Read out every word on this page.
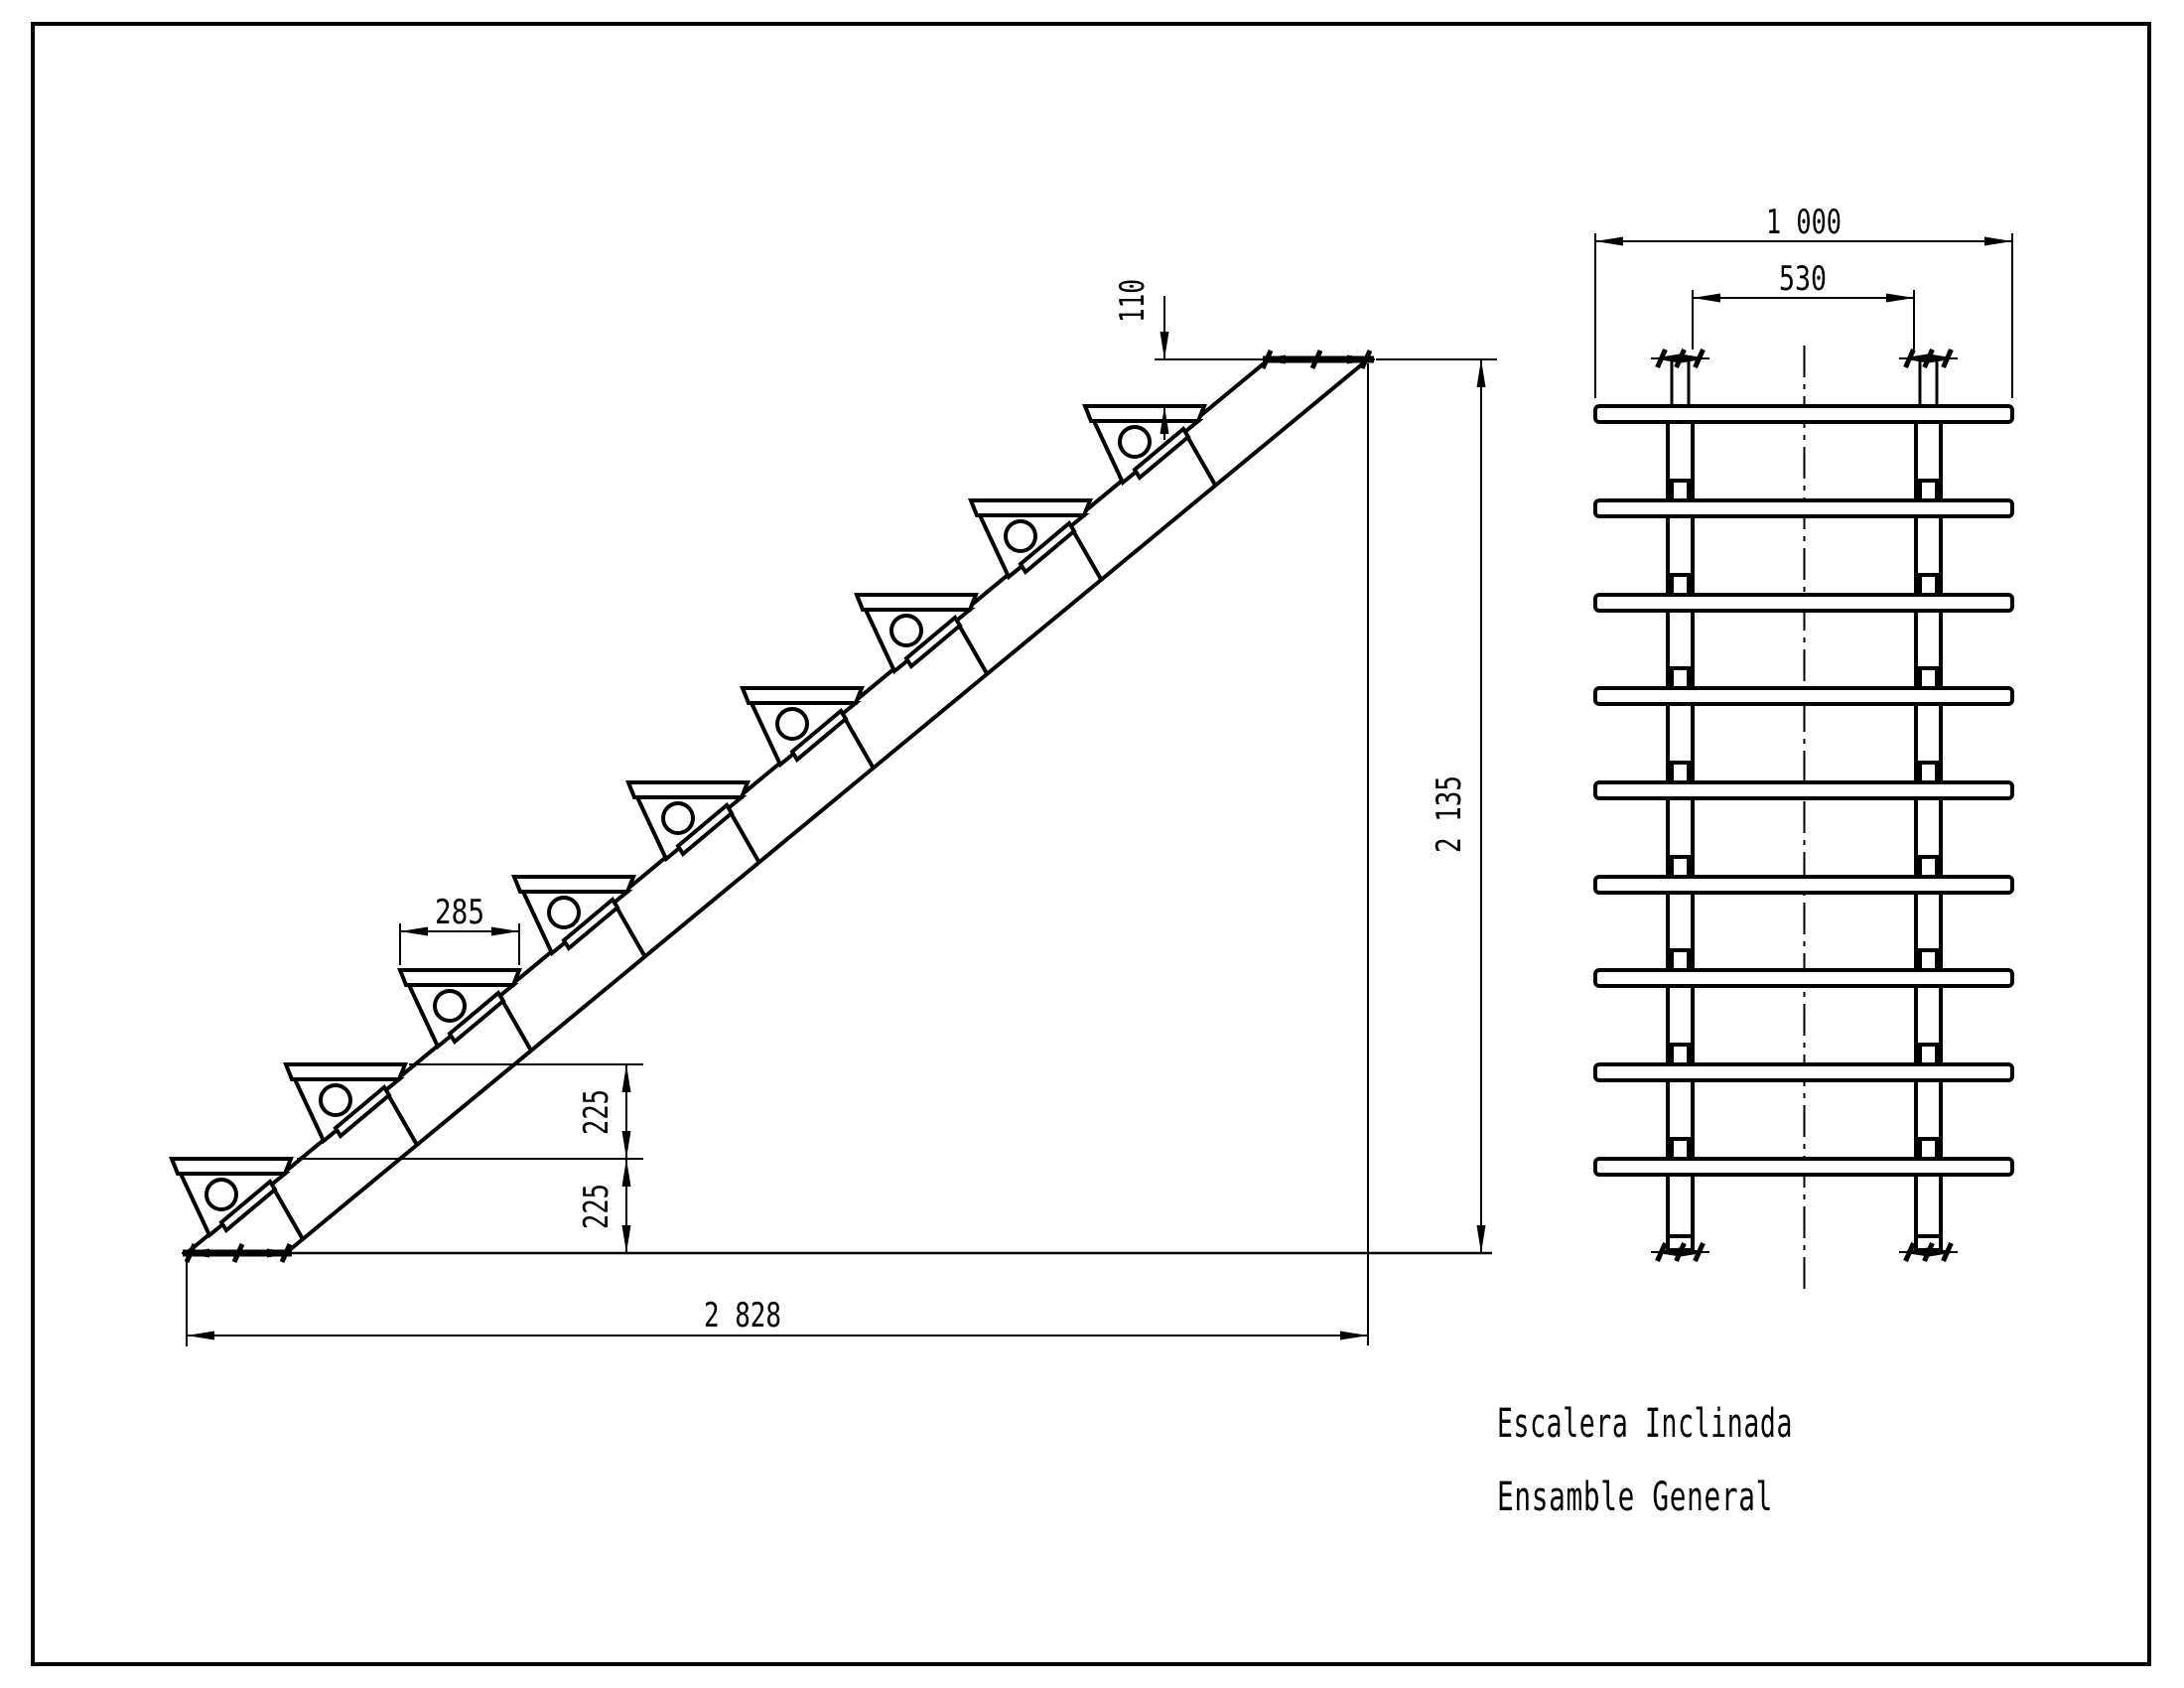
110
285
225
225
2 828
2 135
1 000
530
Escalera Inclinada
Ensamble General
